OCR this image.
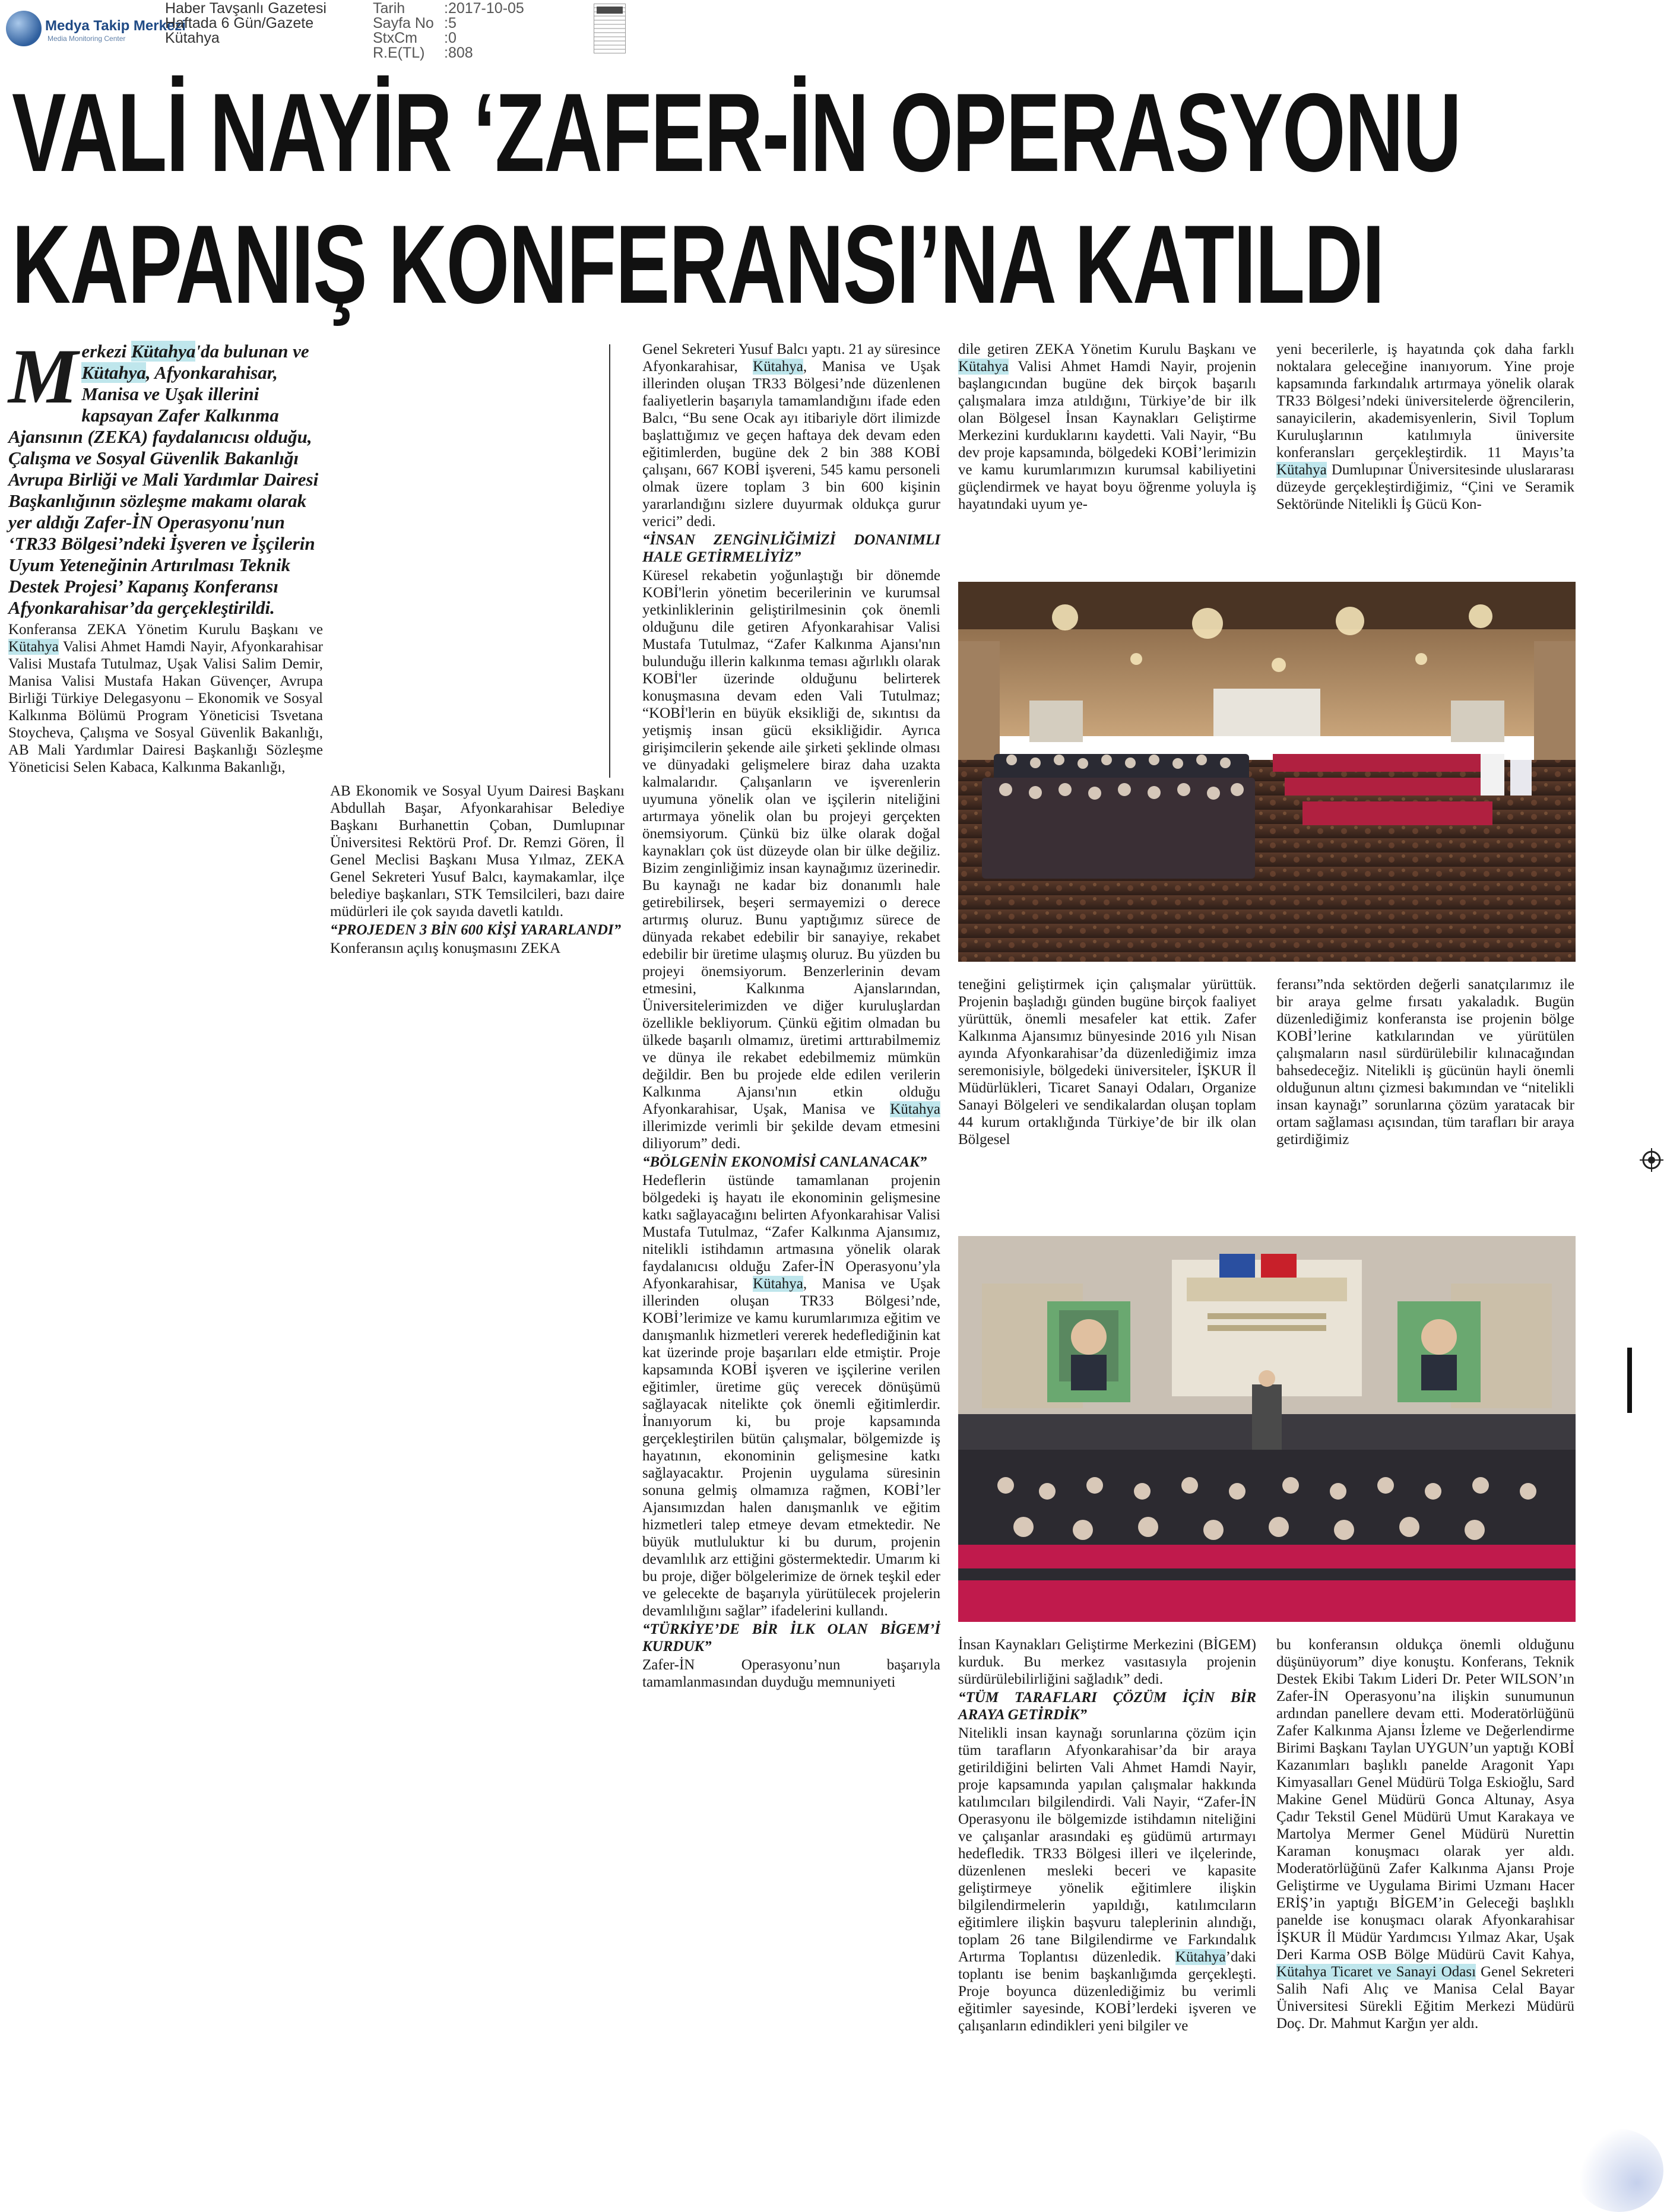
Medya Takip Merkezi
Media Monitoring Center
Haber Tavşanlı Gazetesi
Haftada 6 Gün/Gazete
Kütahya
Tarih	:2017-10-05
Sayfa No :5
StxCm	:0
R.E(TL)	:808
VALİ NAYİR ‘ZAFER-İN OPERASYONU
KAPANIŞ KONFERANSI’NA KATILDI
Merkezi Kütahya'da bulunan ve Kütahya, Afyonkarahisar, Manisa ve Uşak illerini kapsayan Zafer Kalkınma Ajansının (ZEKA) faydalanıcısı olduğu, Çalışma ve Sosyal Güvenlik Bakanlığı Avrupa Birliği ve Mali Yardımlar Dairesi Başkanlığının sözleşme makamı olarak yer aldığı Zafer-İN Operasyonu'nun ‘TR33 Bölgesi’ndeki İşveren ve İşçilerin Uyum Yeteneğinin Artırılması Teknik Destek Projesi’ Kapanış Konferansı Afyonkarahisar’da gerçekleştirildi.

Konferansa ZEKA Yönetim Kurulu Başkanı ve Kütahya Valisi Ahmet Hamdi Nayir, Afyonkarahisar Valisi Mustafa Tutulmaz, Uşak Valisi Salim Demir, Manisa Valisi Mustafa Hakan Güvençer, Avrupa Birliği Türkiye Delegasyonu – Ekonomik ve Sosyal Kalkınma Bölümü Program Yöneticisi Tsvetana Stoycheva, Çalışma ve Sosyal Güvenlik Bakanlığı, AB Mali Yardımlar Dairesi Başkanlığı Sözleşme Yöneticisi Selen Kabaca, Kalkınma Bakanlığı,

AB Ekonomik ve Sosyal Uyum Dairesi Başkanı Abdullah Başar, Afyonkarahisar Belediye Başkanı Burhanettin Çoban, Dumlupınar Üniversitesi Rektörü Prof. Dr. Remzi Gören, İl Genel Meclisi Başkanı Musa Yılmaz, ZEKA Genel Sekreteri Yusuf Balcı, kaymakamlar, ilçe belediye başkanları, STK Temsilcileri, bazı daire müdürleri ile çok sayıda davetli katıldı.

“PROJEDEN 3 BİN 600 KİŞİ YARARLANDI”

Konferansın açılış konuşmasını ZEKA

Genel Sekreteri Yusuf Balcı yaptı. 21 ay süresince Afyonkarahisar, Kütahya, Manisa ve Uşak illerinden oluşan TR33 Bölgesi’nde düzenlenen faaliyetlerin başarıyla tamamlandığını ifade eden Balcı, “Bu sene Ocak ayı itibariyle dört ilimizde başlattığımız ve geçen haftaya dek devam eden eğitimlerden, bugüne dek 2 bin 388 KOBİ çalışanı, 667 KOBİ işvereni, 545 kamu personeli olmak üzere toplam 3 bin 600 kişinin yararlandığını sizlere duyurmak oldukça gurur verici” dedi.

“İNSAN ZENGİNLİĞİMİZİ DONANIMLI HALE GETİRMELİYİZ”

Küresel rekabetin yoğunlaştığı bir dönemde KOBİ'lerin yönetim becerilerinin ve kurumsal yetkinliklerinin geliştirilmesinin çok önemli olduğunu dile getiren Afyonkarahisar Valisi Mustafa Tutulmaz, “Zafer Kalkınma Ajansı'nın bulunduğu illerin kalkınma teması ağırlıklı olarak KOBİ'ler üzerinde olduğunu belirterek konuşmasına devam eden Vali Tutulmaz; “KOBİ'lerin en büyük eksikliği de, sıkıntısı da yetişmiş insan gücü eksikliğidir. Ayrıca girişimcilerin şekende aile şirketi şeklinde olması ve dünyadaki gelişmelere biraz daha uzakta kalmalarıdır. Çalışanların ve işverenlerin uyumuna yönelik olan ve işçilerin niteliğini artırmaya yönelik olan bu projeyi gerçekten önemsiyorum. Çünkü biz ülke olarak doğal kaynakları çok üst düzeyde olan bir ülke değiliz. Bizim zenginliğimiz insan kaynağımız üzerinedir. Bu kaynağı ne kadar biz donanımlı hale getirebilirsek, beşeri sermayemizi o derece artırmış oluruz. Bunu yaptığımız sürece de dünyada rekabet edebilir bir sanayiye, rekabet edebilir bir üretime ulaşmış oluruz. Bu yüzden bu projeyi önemsiyorum. Benzerlerinin devam etmesini, Kalkınma Ajanslarından, Üniversitelerimizden ve diğer kuruluşlardan özellikle bekliyorum. Çünkü eğitim olmadan bu ülkede başarılı olmamız, üretimi arttırabilmemiz ve dünya ile rekabet edebilmemiz mümkün değildir. Ben bu projede elde edilen verilerin Kalkınma Ajansı'nın etkin olduğu Afyonkarahisar, Uşak, Manisa ve Kütahya illerimizde verimli bir şekilde devam etmesini diliyorum” dedi.

“BÖLGENİN EKONOMİSİ CANLANACAK”

Hedeflerin üstünde tamamlanan projenin bölgedeki iş hayatı ile ekonominin gelişmesine katkı sağlayacağını belirten Afyonkarahisar Valisi Mustafa Tutulmaz, “Zafer Kalkınma Ajansımız, nitelikli istihdamın artmasına yönelik olarak faydalanıcısı olduğu Zafer-İN Operasyonu’yla Afyonkarahisar, Kütahya, Manisa ve Uşak illerinden oluşan TR33 Bölgesi’nde, KOBİ’lerimize ve kamu kurumlarımıza eğitim ve danışmanlık hizmetleri vererek hedeflediğinin kat kat üzerinde proje başarıları elde etmiştir. Proje kapsamında KOBİ işveren ve işçilerine verilen eğitimler, üretime güç verecek dönüşümü sağlayacak nitelikte çok önemli eğitimlerdir. İnanıyorum ki, bu proje kapsamında gerçekleştirilen bütün çalışmalar, bölgemizde iş hayatının, ekonominin gelişmesine katkı sağlayacaktır. Projenin uygulama süresinin sonuna gelmiş olmamıza rağmen, KOBİ’ler Ajansımızdan halen danışmanlık ve eğitim hizmetleri talep etmeye devam etmektedir. Ne büyük mutluluktur ki bu durum, projenin devamlılık arz ettiğini göstermektedir. Umarım ki bu proje, diğer bölgelerimize de örnek teşkil eder ve gelecekte de başarıyla yürütülecek projelerin devamlılığını sağlar” ifadelerini kullandı.

“TÜRKİYE’DE BİR İLK OLAN BİGEM’İ KURDUK”

Zafer-İN Operasyonu’nun başarıyla tamamlanmasından duyduğu memnuniyeti

dile getiren ZEKA Yönetim Kurulu Başkanı ve Kütahya Valisi Ahmet Hamdi Nayir, projenin başlangıcından bugüne dek birçok başarılı çalışmalara imza atıldığını, Türkiye’de bir ilk olan Bölgesel İnsan Kaynakları Geliştirme Merkezini kurduklarını kaydetti. Vali Nayir, “Bu dev proje kapsamında, bölgedeki KOBİ’lerimizin ve kamu kurumlarımızın kurumsal kabiliyetini güçlendirmek ve hayat boyu öğrenme yoluyla iş hayatındaki uyum ye-

yeni becerilerle, iş hayatında çok daha farklı noktalara geleceğine inanıyorum. Yine proje kapsamında farkındalık artırmaya yönelik olarak TR33 Bölgesi’ndeki üniversitelerde öğrencilerin, sanayicilerin, akademisyenlerin, Sivil Toplum Kuruluşlarının katılımıyla üniversite konferansları gerçekleştirdik. 11 Mayıs’ta Kütahya Dumlupınar Üniversitesinde uluslararası düzeyde gerçekleştirdiğimiz, “Çini ve Seramik Sektöründe Nitelikli İş Gücü Kon-

teneğini geliştirmek için çalışmalar yürüttük. Projenin başladığı günden bugüne birçok faaliyet yürüttük, önemli mesafeler kat ettik. Zafer Kalkınma Ajansımız bünyesinde 2016 yılı Nisan ayında Afyonkarahisar’da düzenlediğimiz imza seremonisiyle, bölgedeki üniversiteler, İŞKUR İl Müdürlükleri, Ticaret Sanayi Odaları, Organize Sanayi Bölgeleri ve sendikalardan oluşan toplam 44 kurum ortaklığında Türkiye’de bir ilk olan Bölgesel

feransı”nda sektörden değerli sanatçılarımız ile bir araya gelme fırsatı yakaladık. Bugün düzenlediğimiz konferansta ise projenin bölge KOBİ’lerine katkılarından ve yürütülen çalışmaların nasıl sürdürülebilir kılınacağından bahsedeceğiz. Nitelikli iş gücünün hayli önemli olduğunun altını çizmesi bakımından ve “nitelikli insan kaynağı” sorunlarına çözüm yaratacak bir ortam sağlaması açısından, tüm tarafları bir araya getirdiğimiz

İnsan Kaynakları Geliştirme Merkezini (BİGEM) kurduk. Bu merkez vasıtasıyla projenin sürdürülebilirliğini sağladık” dedi.

“TÜM TARAFLARI ÇÖZÜM İÇİN BİR ARAYA GETİRDİK”

Nitelikli insan kaynağı sorunlarına çözüm için tüm tarafların Afyonkarahisar’da bir araya getirildiğini belirten Vali Ahmet Hamdi Nayir, proje kapsamında yapılan çalışmalar hakkında katılımcıları bilgilendirdi. Vali Nayir, “Zafer-İN Operasyonu ile bölgemizde istihdamın niteliğini ve çalışanlar arasındaki eş güdümü artırmayı hedefledik. TR33 Bölgesi illeri ve ilçelerinde, düzenlenen mesleki beceri ve kapasite geliştirmeye yönelik eğitimlere ilişkin bilgilendirmelerin yapıldığı, katılımcıların eğitimlere ilişkin başvuru taleplerinin alındığı, toplam 26 tane Bilgilendirme ve Farkındalık Artırma Toplantısı düzenledik. Kütahya’daki toplantı ise benim başkanlığımda gerçekleşti. Proje boyunca düzenlediğimiz bu verimli eğitimler sayesinde, KOBİ’lerdeki işveren ve çalışanların edindikleri yeni bilgiler ve

bu konferansın oldukça önemli olduğunu düşünüyorum” diye konuştu. Konferans, Teknik Destek Ekibi Takım Lideri Dr. Peter WILSON’ın Zafer-İN Operasyonu’na ilişkin sunumunun ardından panellere devam etti. Moderatörlüğünü Zafer Kalkınma Ajansı İzleme ve Değerlendirme Birimi Başkanı Taylan UYGUN’un yaptığı KOBİ Kazanımları başlıklı panelde Aragonit Yapı Kimyasalları Genel Müdürü Tolga Eskioğlu, Sard Makine Genel Müdürü Gonca Altunay, Asya Çadır Tekstil Genel Müdürü Umut Karakaya ve Martolya Mermer Genel Müdürü Nurettin Karaman konuşmacı olarak yer aldı. Moderatörlüğünü Zafer Kalkınma Ajansı Proje Geliştirme ve Uygulama Birimi Uzmanı Hacer ERİŞ’in yaptığı BİGEM’in Geleceği başlıklı panelde ise konuşmacı olarak Afyonkarahisar İŞKUR İl Müdür Yardımcısı Yılmaz Akar, Uşak Deri Karma OSB Bölge Müdürü Cavit Kahya, Kütahya Ticaret ve Sanayi Odası Genel Sekreteri Salih Nafi Alıç ve Manisa Celal Bayar Üniversitesi Sürekli Eğitim Merkezi Müdürü Doç. Dr. Mahmut Karğın yer aldı.
